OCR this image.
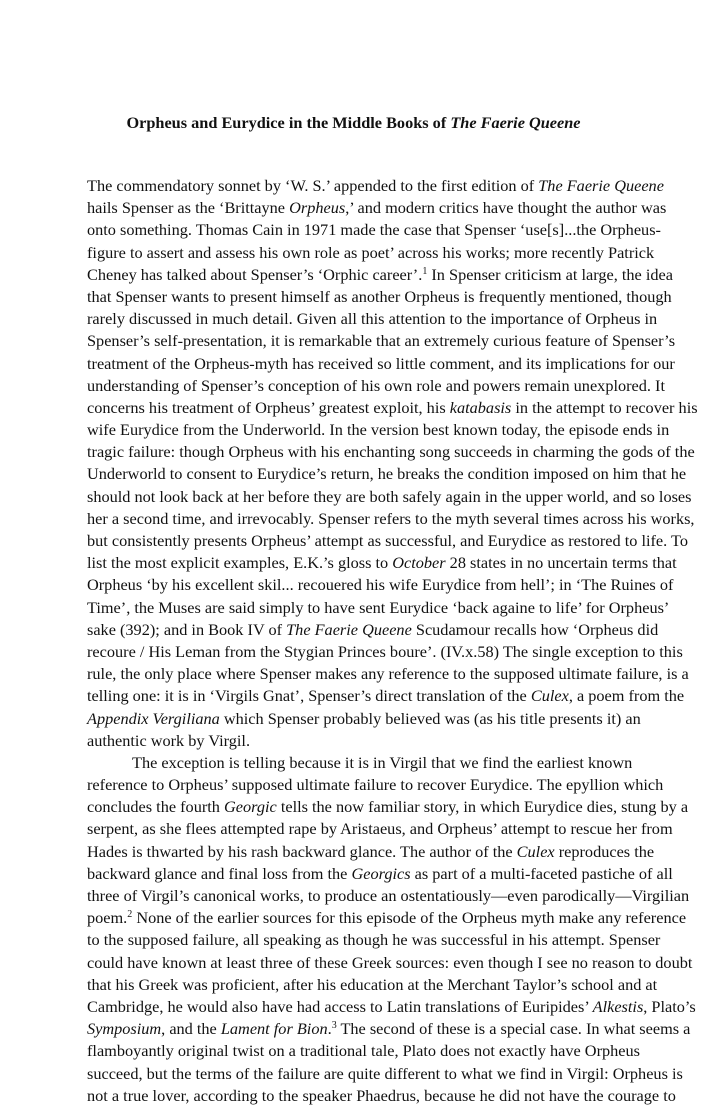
Orpheus and Eurydice in the Middle Books of The Faerie Queene
The commendatory sonnet by ‘W. S.’ appended to the first edition of The Faerie Queene
hails Spenser as the ‘Brittayne Orpheus,’ and modern critics have thought the author was
onto something. Thomas Cain in 1971 made the case that Spenser ‘use[s]...the Orpheus-
figure to assert and assess his own role as poet’ across his works; more recently Patrick
Cheney has talked about Spenser’s ‘Orphic career’.$^1$ In Spenser criticism at large, the idea
that Spenser wants to present himself as another Orpheus is frequently mentioned, though
rarely discussed in much detail. Given all this attention to the importance of Orpheus in
Spenser’s self-presentation, it is remarkable that an extremely curious feature of Spenser’s
treatment of the Orpheus-myth has received so little comment, and its implications for our
understanding of Spenser’s conception of his own role and powers remain unexplored. It
concerns his treatment of Orpheus’ greatest exploit, his katabasis in the attempt to recover his
wife Eurydice from the Underworld. In the version best known today, the episode ends in
tragic failure: though Orpheus with his enchanting song succeeds in charming the gods of the
Underworld to consent to Eurydice’s return, he breaks the condition imposed on him that he
should not look back at her before they are both safely again in the upper world, and so loses
her a second time, and irrevocably. Spenser refers to the myth several times across his works,
but consistently presents Orpheus’ attempt as successful, and Eurydice as restored to life. To
list the most explicit examples, E.K.’s gloss to October 28 states in no uncertain terms that
Orpheus ‘by his excellent skil... recouered his wife Eurydice from hell’; in ‘The Ruines of
Time’, the Muses are said simply to have sent Eurydice ‘back againe to life’ for Orpheus’
sake (392); and in Book IV of The Faerie Queene Scudamour recalls how ‘Orpheus did
recoure / His Leman from the Stygian Princes boure’. (IV.x.58) The single exception to this
rule, the only place where Spenser makes any reference to the supposed ultimate failure, is a
telling one: it is in ‘Virgils Gnat’, Spenser’s direct translation of the Culex, a poem from the
Appendix Vergiliana which Spenser probably believed was (as his title presents it) an
authentic work by Virgil.
The exception is telling because it is in Virgil that we find the earliest known
reference to Orpheus’ supposed ultimate failure to recover Eurydice. The epyllion which
concludes the fourth Georgic tells the now familiar story, in which Eurydice dies, stung by a
serpent, as she flees attempted rape by Aristaeus, and Orpheus’ attempt to rescue her from
Hades is thwarted by his rash backward glance. The author of the Culex reproduces the
backward glance and final loss from the Georgics as part of a multi-faceted pastiche of all
three of Virgil’s canonical works, to produce an ostentatiously—even parodically—Virgilian
poem.$^2$ None of the earlier sources for this episode of the Orpheus myth make any reference
to the supposed failure, all speaking as though he was successful in his attempt. Spenser
could have known at least three of these Greek sources: even though I see no reason to doubt
that his Greek was proficient, after his education at the Merchant Taylor’s school and at
Cambridge, he would also have had access to Latin translations of Euripides’ Alkestis, Plato’s
Symposium, and the Lament for Bion.$^3$ The second of these is a special case. In what seems a
flamboyantly original twist on a traditional tale, Plato does not exactly have Orpheus
succeed, but the terms of the failure are quite different to what we find in Virgil: Orpheus is
not a true lover, according to the speaker Phaedrus, because he did not have the courage to
